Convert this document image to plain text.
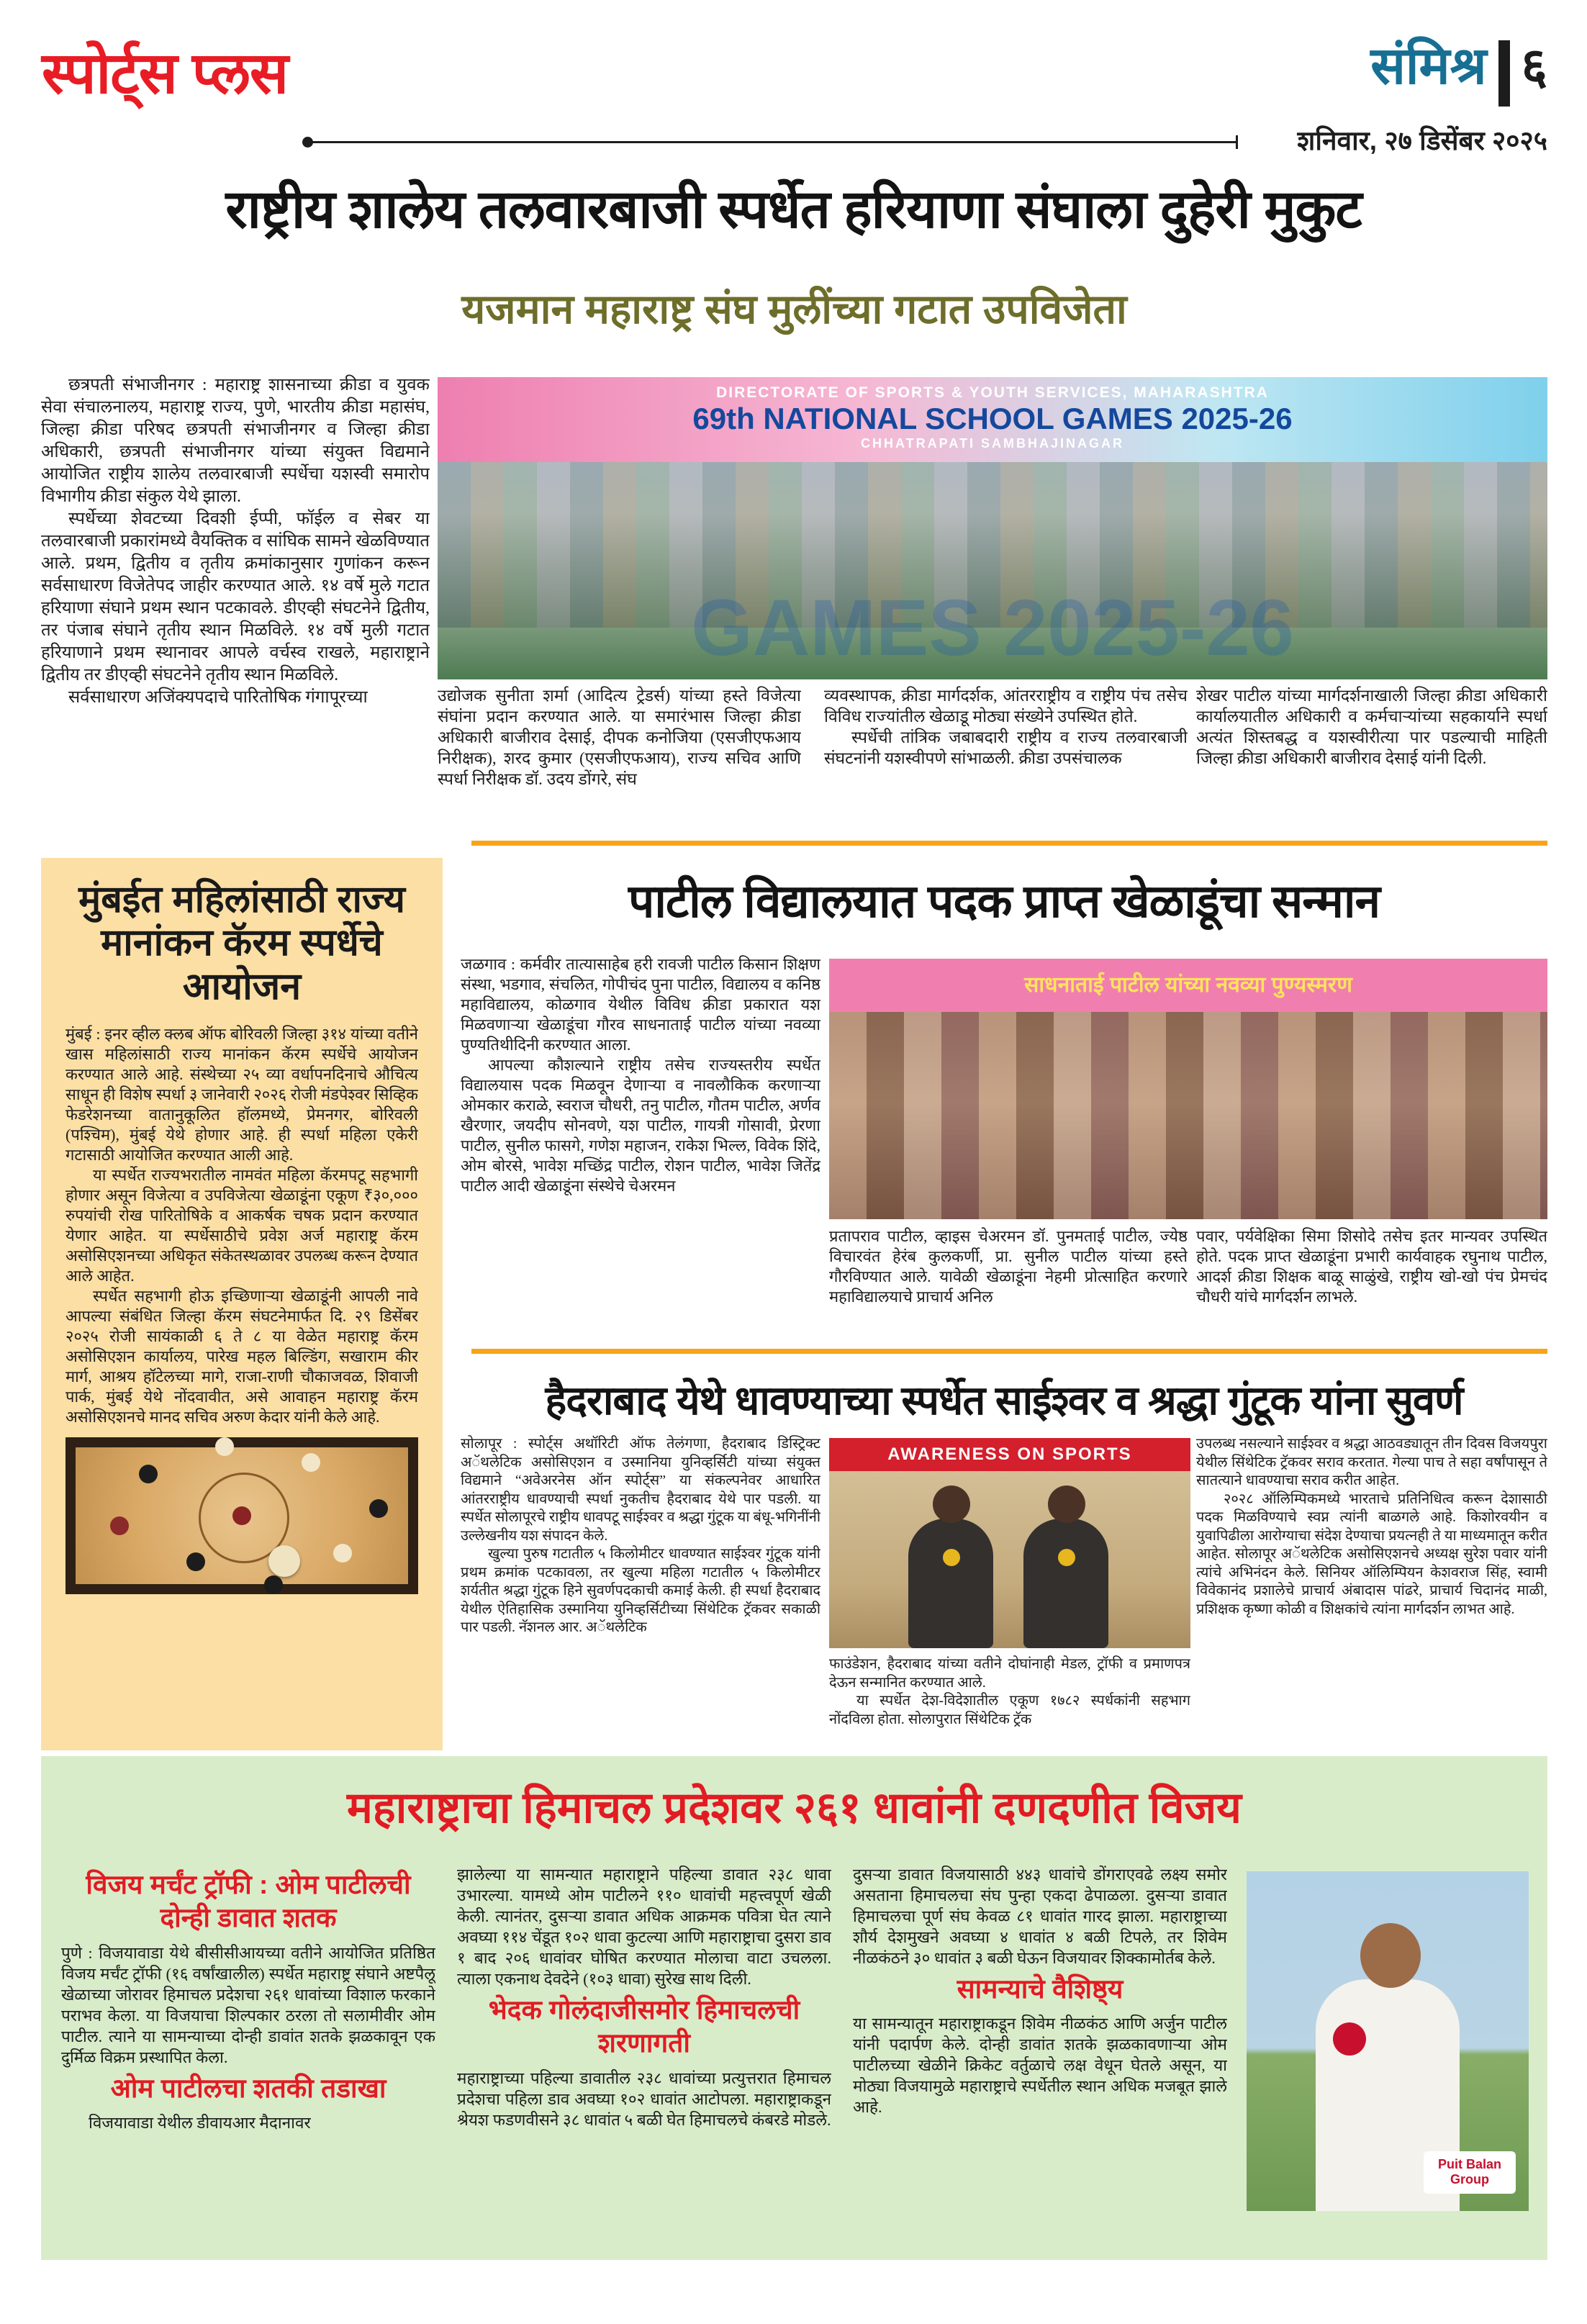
स्पोर्ट्स प्लस	संमिश्र ६
शनिवार, २७ डिसेंबर २०२५
राष्ट्रीय शालेय तलवारबाजी स्पर्धेत हरियाणा संघाला दुहेरी मुकुट
यजमान महाराष्ट्र संघ मुलींच्या गटात उपविजेता

छत्रपती संभाजीनगर : महाराष्ट्र शासनाच्या क्रीडा व युवक सेवा संचालनालय, महाराष्ट्र राज्य, पुणे, भारतीय क्रीडा महासंघ, जिल्हा क्रीडा परिषद छत्रपती संभाजीनगर व जिल्हा क्रीडा अधिकारी, छत्रपती संभाजीनगर यांच्या संयुक्त विद्यमाने आयोजित राष्ट्रीय शालेय तलवारबाजी स्पर्धेचा यशस्वी समारोप विभागीय क्रीडा संकुल येथे झाला.

स्पर्धेच्या शेवटच्या दिवशी ईप्पी, फॉईल व सेबर या तलवारबाजी प्रकारांमध्ये वैयक्तिक व सांघिक सामने खेळविण्यात आले. प्रथम, द्वितीय व तृतीय क्रमांकानुसार गुणांकन करून सर्वसाधारण विजेतेपद जाहीर करण्यात आले. १४ वर्षे मुले गटात हरियाणा संघाने प्रथम स्थान पटकावले. डीएव्ही संघटनेने द्वितीय, तर पंजाब संघाने तृतीय स्थान मिळविले. १४ वर्षे मुली गटात हरियाणाने प्रथम स्थानावर आपले वर्चस्व राखले, महाराष्ट्राने द्वितीय तर डीएव्ही संघटनेने तृतीय स्थान मिळविले.

सर्वसाधारण अजिंक्यपदाचे पारितोषिक गंगापूरच्या

DIRECTORATE OF SPORTS & YOUTH SERVICES, MAHARASHTRA
69th NATIONAL SCHOOL GAMES 2025-26
CHHATRAPATI SAMBHAJINAGAR
GAMES 2025-26

उद्योजक सुनीता शर्मा (आदित्य ट्रेडर्स) यांच्या हस्ते विजेत्या संघांना प्रदान करण्यात आले. या समारंभास जिल्हा क्रीडा अधिकारी बाजीराव देसाई, दीपक कनोजिया (एसजीएफआय निरीक्षक), शरद कुमार (एसजीएफआय), राज्य सचिव आणि स्पर्धा निरीक्षक डॉ. उदय डोंगरे, संघ

व्यवस्थापक, क्रीडा मार्गदर्शक, आंतरराष्ट्रीय व राष्ट्रीय पंच तसेच विविध राज्यांतील खेळाडू मोठ्या संख्येने उपस्थित होते.

स्पर्धेची तांत्रिक जबाबदारी राष्ट्रीय व राज्य तलवारबाजी संघटनांनी यशस्वीपणे सांभाळली. क्रीडा उपसंचालक

शेखर पाटील यांच्या मार्गदर्शनाखाली जिल्हा क्रीडा अधिकारी कार्यालयातील अधिकारी व कर्मचाऱ्यांच्या सहकार्याने स्पर्धा अत्यंत शिस्तबद्ध व यशस्वीरीत्या पार पडल्याची माहिती जिल्हा क्रीडा अधिकारी बाजीराव देसाई यांनी दिली.

मुंबईत महिलांसाठी राज्य मानांकन कॅरम स्पर्धेचे आयोजन

मुंबई : इनर व्हील क्लब ऑफ बोरिवली जिल्हा ३१४ यांच्या वतीने खास महिलांसाठी राज्य मानांकन कॅरम स्पर्धेचे आयोजन करण्यात आले आहे. संस्थेच्या २५ व्या वर्धापनदिनाचे औचित्य साधून ही विशेष स्पर्धा ३ जानेवारी २०२६ रोजी मंडपेश्वर सिव्हिक फेडरेशनच्या वातानुकूलित हॉलमध्ये, प्रेमनगर, बोरिवली (पश्चिम), मुंबई येथे होणार आहे. ही स्पर्धा महिला एकेरी गटासाठी आयोजित करण्यात आली आहे.

या स्पर्धेत राज्यभरातील नामवंत महिला कॅरमपटू सहभागी होणार असून विजेत्या व उपविजेत्या खेळाडूंना एकूण ₹३०,००० रुपयांची रोख पारितोषिके व आकर्षक चषक प्रदान करण्यात येणार आहेत. या स्पर्धेसाठीचे प्रवेश अर्ज महाराष्ट्र कॅरम असोसिएशनच्या अधिकृत संकेतस्थळावर उपलब्ध करून देण्यात आले आहेत.

स्पर्धेत सहभागी होऊ इच्छिणाऱ्या खेळाडूंनी आपली नावे आपल्या संबंधित जिल्हा कॅरम संघटनेमार्फत दि. २९ डिसेंबर २०२५ रोजी सायंकाळी ६ ते ८ या वेळेत महाराष्ट्र कॅरम असोसिएशन कार्यालय, पारेख महल बिल्डिंग, सखाराम कीर मार्ग, आश्रय हॉटेलच्या मागे, राजा-राणी चौकाजवळ, शिवाजी पार्क, मुंबई येथे नोंदवावीत, असे आवाहन महाराष्ट्र कॅरम असोसिएशनचे मानद सचिव अरुण केदार यांनी केले आहे.

पाटील विद्यालयात पदक प्राप्त खेळाडूंचा सन्मान

जळगाव : कर्मवीर तात्यासाहेब हरी रावजी पाटील किसान शिक्षण संस्था, भडगाव, संचलित, गोपीचंद पुना पाटील, विद्यालय व कनिष्ठ महाविद्यालय, कोळगाव येथील विविध क्रीडा प्रकारात यश मिळवणाऱ्या खेळाडूंचा गौरव साधनाताई पाटील यांच्या नवव्या पुण्यतिथीदिनी करण्यात आला.

आपल्या कौशल्याने राष्ट्रीय तसेच राज्यस्तरीय स्पर्धेत विद्यालयास पदक मिळवून देणाऱ्या व नावलौकिक करणाऱ्या ओमकार कराळे, स्वराज चौधरी, तनु पाटील, गौतम पाटील, अर्णव खैरणार, जयदीप सोनवणे, यश पाटील, गायत्री गोसावी, प्रेरणा पाटील, सुनील फासगे, गणेश महाजन, राकेश भिल्ल, विवेक शिंदे, ओम बोरसे, भावेश मच्छिंद्र पाटील, रोशन पाटील, भावेश जितेंद्र पाटील आदी खेळाडूंना संस्थेचे चेअरमन

साधनाताई पाटील यांच्या नवव्या पुण्यस्मरण

प्रतापराव पाटील, व्हाइस चेअरमन डॉ. पुनमताई पाटील, ज्येष्ठ विचारवंत हेरंब कुलकर्णी, प्रा. सुनील पाटील यांच्या हस्ते गौरविण्यात आले. यावेळी खेळाडूंना नेहमी प्रोत्साहित करणारे महाविद्यालयाचे प्राचार्य अनिल

पवार, पर्यवेक्षिका सिमा शिसोदे तसेच इतर मान्यवर उपस्थित होते. पदक प्राप्त खेळाडूंना प्रभारी कार्यवाहक रघुनाथ पाटील, आदर्श क्रीडा शिक्षक बाळू साळुंखे, राष्ट्रीय खो-खो पंच प्रेमचंद चौधरी यांचे मार्गदर्शन लाभले.

हैदराबाद येथे धावण्याच्या स्पर्धेत साईश्वर व श्रद्धा गुंटूक यांना सुवर्ण

सोलापूर : स्पोर्ट्स अथॉरिटी ऑफ तेलंगणा, हैदराबाद डिस्ट्रिक्ट अॅथलेटिक असोसिएशन व उस्मानिया युनिव्हर्सिटी यांच्या संयुक्त विद्यमाने “अवेअरनेस ऑन स्पोर्ट्स” या संकल्पनेवर आधारित आंतरराष्ट्रीय धावण्याची स्पर्धा नुकतीच हैदराबाद येथे पार पडली. या स्पर्धेत सोलापूरचे राष्ट्रीय धावपटू साईश्वर व श्रद्धा गुंटूक या बंधू-भगिनींनी उल्लेखनीय यश संपादन केले.

खुल्या पुरुष गटातील ५ किलोमीटर धावण्यात साईश्वर गुंटूक यांनी प्रथम क्रमांक पटकावला, तर खुल्या महिला गटातील ५ किलोमीटर शर्यतीत श्रद्धा गुंटूक हिने सुवर्णपदकाची कमाई केली. ही स्पर्धा हैदराबाद येथील ऐतिहासिक उस्मानिया युनिव्हर्सिटीच्या सिंथेटिक ट्रॅकवर सकाळी पार पडली. नॅशनल आर. अॅथलेटिक

AWARENESS ON SPORTS

फाउंडेशन, हैदराबाद यांच्या वतीने दोघांनाही मेडल, ट्रॉफी व प्रमाणपत्र देऊन सन्मानित करण्यात आले.

या स्पर्धेत देश-विदेशातील एकूण १७८२ स्पर्धकांनी सहभाग नोंदविला होता. सोलापुरात सिंथेटिक ट्रॅक

उपलब्ध नसल्याने साईश्वर व श्रद्धा आठवड्यातून तीन दिवस विजयपुरा येथील सिंथेटिक ट्रॅकवर सराव करतात. गेल्या पाच ते सहा वर्षांपासून ते सातत्याने धावण्याचा सराव करीत आहेत.

२०२८ ऑलिम्पिकमध्ये भारताचे प्रतिनिधित्व करून देशासाठी पदक मिळविण्याचे स्वप्न त्यांनी बाळगले आहे. किशोरवयीन व युवापिढीला आरोग्याचा संदेश देण्याचा प्रयत्नही ते या माध्यमातून करीत आहेत. सोलापूर अॅथलेटिक असोसिएशनचे अध्यक्ष सुरेश पवार यांनी त्यांचे अभिनंदन केले. सिनियर ऑलिम्पियन केशवराज सिंह, स्वामी विवेकानंद प्रशालेचे प्राचार्य अंबादास पांढरे, प्राचार्य चिदानंद माळी, प्रशिक्षक कृष्णा कोळी व शिक्षकांचे त्यांना मार्गदर्शन लाभत आहे.

महाराष्ट्राचा हिमाचल प्रदेशवर २६१ धावांनी दणदणीत विजय
विजय मर्चंट ट्रॉफी : ओम पाटीलची दोन्ही डावात शतक

पुणे : विजयावाडा येथे बीसीसीआयच्या वतीने आयोजित प्रतिष्ठित विजय मर्चंट ट्रॉफी (१६ वर्षांखालील) स्पर्धेत महाराष्ट्र संघाने अष्टपैलू खेळाच्या जोरावर हिमाचल प्रदेशचा २६१ धावांच्या विशाल फरकाने पराभव केला. या विजयाचा शिल्पकार ठरला तो सलामीवीर ओम पाटील. त्याने या सामन्याच्या दोन्ही डावांत शतके झळकावून एक दुर्मिळ विक्रम प्रस्थापित केला.

ओम पाटीलचा शतकी तडाखा

विजयावाडा येथील डीवायआर मैदानावर

झालेल्या या सामन्यात महाराष्ट्राने पहिल्या डावात २३८ धावा उभारल्या. यामध्ये ओम पाटीलने ११० धावांची महत्त्वपूर्ण खेळी केली. त्यानंतर, दुसऱ्या डावात अधिक आक्रमक पवित्रा घेत त्याने अवघ्या ११४ चेंडूत १०२ धावा कुटल्या आणि महाराष्ट्राचा दुसरा डाव १ बाद २०६ धावांवर घोषित करण्यात मोलाचा वाटा उचलला. त्याला एकनाथ देवदेने (१०३ धावा) सुरेख साथ दिली.

भेदक गोलंदाजीसमोर हिमाचलची शरणागती

महाराष्ट्राच्या पहिल्या डावातील २३८ धावांच्या प्रत्युत्तरात हिमाचल प्रदेशचा पहिला डाव अवघ्या १०२ धावांत आटोपला. महाराष्ट्राकडून श्रेयश फडणवीसने ३८ धावांत ५ बळी घेत हिमाचलचे कंबरडे मोडले.

दुसऱ्या डावात विजयासाठी ४४३ धावांचे डोंगराएवढे लक्ष्य समोर असताना हिमाचलचा संघ पुन्हा एकदा ढेपाळला. दुसऱ्या डावात हिमाचलचा पूर्ण संघ केवळ ८१ धावांत गारद झाला. महाराष्ट्राच्या शौर्य देशमुखने अवघ्या ४ धावांत ४ बळी टिपले, तर शिवेम नीळकंठने ३० धावांत ३ बळी घेऊन विजयावर शिक्कामोर्तब केले.

सामन्याचे वैशिष्ठ्य

या सामन्यातून महाराष्ट्राकडून शिवेम नीळकंठ आणि अर्जुन पाटील यांनी पदार्पण केले. दोन्ही डावांत शतके झळकावणाऱ्या ओम पाटीलच्या खेळीने क्रिकेट वर्तुळाचे लक्ष वेधून घेतले असून, या मोठ्या विजयामुळे महाराष्ट्राचे स्पर्धेतील स्थान अधिक मजबूत झाले आहे.

Puit Balan Group
